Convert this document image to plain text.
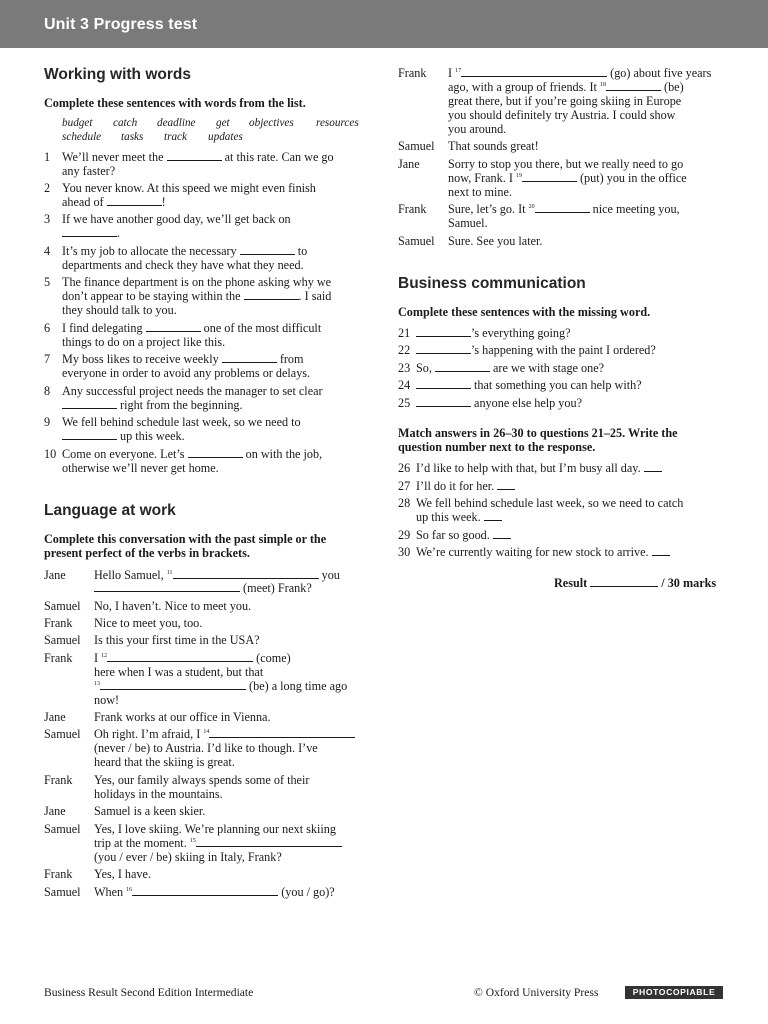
Unit 3 Progress test
Working with words
Complete these sentences with words from the list.
budget catch deadline get objectives resources
schedule tasks track updates
1 We’ll never meet the	at this rate. Can we go
any faster?
2 You never know. At this speed we might even finish
ahead of	!
3 If we have another good day, we’ll get back on
.
4 It’s my job to allocate the necessary	to
departments and check they have what they need.
5 The finance department is on the phone asking why we
don’t appear to be staying within the	. I said
they should talk to you.
6 I find delegating	one of the most difficult
things to do on a project like this.
7 My boss likes to receive weekly	from
everyone in order to avoid any problems or delays.
8 Any successful project needs the manager to set clear
right from the beginning.
9 We fell behind schedule last week, so we need to
up this week.
10 Come on everyone. Let’s	on with the job,
otherwise we’ll never get home.
Language at work
Complete this conversation with the past simple or the
present perfect of the verbs in brackets.
Jane Hello Samuel, $^{11}$	you
(meet) Frank?
Samuel No, I haven’t. Nice to meet you.
Frank Nice to meet you, too.
Samuel Is this your first time in the USA?
Frank I $^{12}$	(come)
here when I was a student, but that
$^{13}$	(be) a long time ago
now!
Jane Frank works at our office in Vienna.
Samuel Oh right. I’m afraid, I $^{14}$
(never / be) to Austria. I’d like to though. I’ve
heard that the skiing is great.
Frank Yes, our family always spends some of their
holidays in the mountains.
Jane Samuel is a keen skier.
Samuel Yes, I love skiing. We’re planning our next skiing
trip at the moment. $^{15}$
(you / ever / be) skiing in Italy, Frank?
Frank Yes, I have.
Samuel When $^{16}$	(you / go)?
Frank I $^{17}$	(go) about five years
ago, with a group of friends. It $^{18}$	(be)
great there, but if you’re going skiing in Europe
you should definitely try Austria. I could show
you around.
Samuel That sounds great!
Jane Sorry to stop you there, but we really need to go
now, Frank. I $^{19}$	(put) you in the office
next to mine.
Frank Sure, let’s go. It $^{20}$	nice meeting you,
Samuel.
Samuel Sure. See you later.
Business communication
Complete these sentences with the missing word.
21	’s everything going?
22	’s happening with the paint I ordered?
23 So,	are we with stage one?
24	that something you can help with?
25	anyone else help you?
Match answers in 26–30 to questions 21–25. Write the
question number next to the response.
26 I’d like to help with that, but I’m busy all day.
27 I’ll do it for her.
28 We fell behind schedule last week, so we need to catch
up this week.
29 So far so good.
30 We’re currently waiting for new stock to arrive.
Result	/ 30 marks
Business Result Second Edition Intermediate	© Oxford University Press	PHOTOCOPIABLE
